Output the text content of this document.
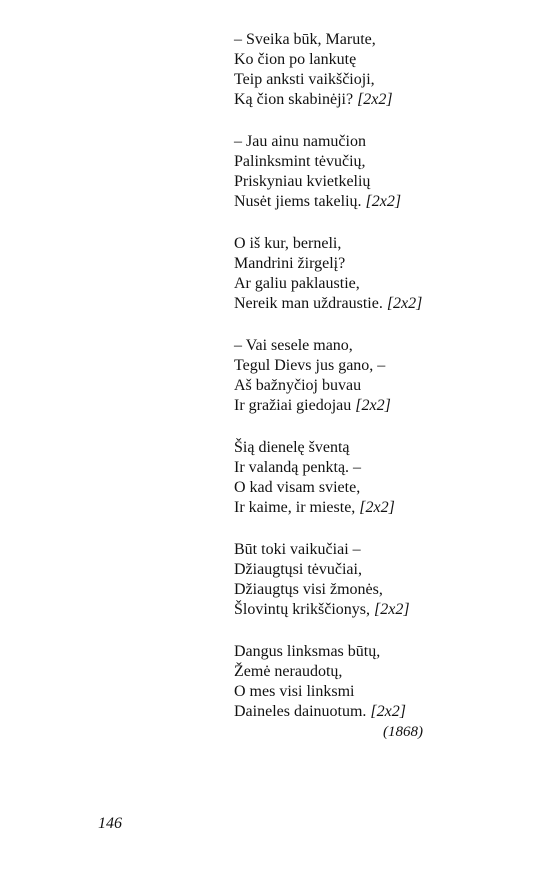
– Sveika būk, Marute,
Ko čion po lankutę
Teip anksti vaikščioji,
Ką čion skabinėji? [2x2]
– Jau ainu namučion
Palinksmint tėvučių,
Priskyniau kvietkelių
Nusėt jiems takelių. [2x2]
O iš kur, berneli,
Mandrini žirgelį?
Ar galiu paklaustie,
Nereik man uždraustie. [2x2]
– Vai sesele mano,
Tegul Dievs jus gano, –
Aš bažnyčioj buvau
Ir gražiai giedojau [2x2]
Šią dienelę šventą
Ir valandą penktą. –
O kad visam sviete,
Ir kaime, ir mieste, [2x2]
Būt toki vaikučiai –
Džiaugtųsi tėvučiai,
Džiaugtųs visi žmonės,
Šlovintų krikščionys, [2x2]
Dangus linksmas būtų,
Žemė neraudotų,
O mes visi linksmi
Daineles dainuotum. [2x2]
(1868)
146
